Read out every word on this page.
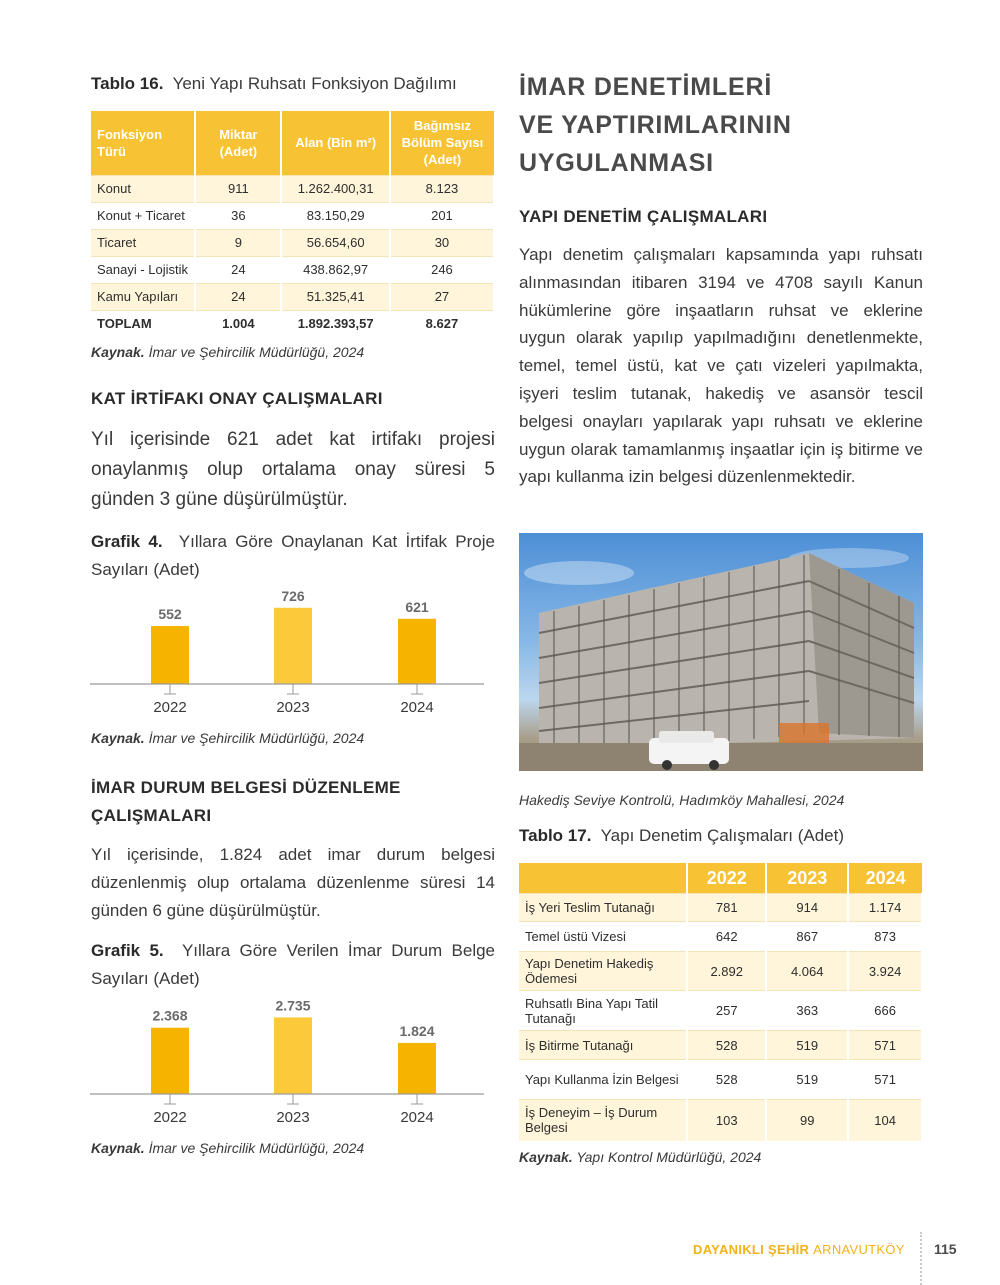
Tablo 16. Yeni Yapı Ruhsatı Fonksiyon Dağılımı
Fonksiyon Türü	Miktar (Adet)	Alan (Bin m²)	Bağımsız Bölüm Sayısı (Adet)
Konut	911	1.262.400,31	8.123
Konut + Ticaret	36	83.150,29	201
Ticaret	9	56.654,60	30
Sanayi - Lojistik	24	438.862,97	246
Kamu Yapıları	24	51.325,41	27
TOPLAM	1.004	1.892.393,57	8.627
Kaynak. İmar ve Şehircilik Müdürlüğü, 2024
KAT İRTİFAKI ONAY ÇALIŞMALARI
Yıl içerisinde 621 adet kat irtifakı projesi onaylanmış olup ortalama onay süresi 5 günden 3 güne düşürülmüştür.
Grafik 4. Yıllara Göre Onaylanan Kat İrtifak Proje Sayıları (Adet)
552
2022
726
2023
621
2024
Kaynak. İmar ve Şehircilik Müdürlüğü, 2024
İMAR DURUM BELGESİ DÜZENLEME
ÇALIŞMALARI
Yıl içerisinde, 1.824 adet imar durum belgesi düzenlenmiş olup ortalama düzenlenme süresi 14 günden 6 güne düşürülmüştür.
Grafik 5. Yıllara Göre Verilen İmar Durum Belge Sayıları (Adet)
2.368
2022
2.735
2023
1.824
2024
Kaynak. İmar ve Şehircilik Müdürlüğü, 2024
İMAR DENETİMLERİ
VE YAPTIRIMLARININ
UYGULANMASI
YAPI DENETİM ÇALIŞMALARI
Yapı denetim çalışmaları kapsamında yapı ruhsatı alınmasından itibaren 3194 ve 4708 sayılı Kanun hükümlerine göre inşaatların ruhsat ve eklerine uygun olarak yapılıp yapılmadığını denetlenmekte, temel, temel üstü, kat ve çatı vizeleri yapılmakta, işyeri teslim tutanak, hakediş ve asansör tescil belgesi onayları yapılarak yapı ruhsatı ve eklerine uygun olarak tamamlanmış inşaatlar için iş bitirme ve yapı kullanma izin belgesi düzenlenmektedir.
Hakediş Seviye Kontrolü, Hadımköy Mahallesi, 2024
Tablo 17. Yapı Denetim Çalışmaları (Adet)
	2022	2023	2024
İş Yeri Teslim Tutanağı	781	914	1.174
Temel üstü Vizesi	642	867	873
Yapı Denetim Hakediş Ödemesi	2.892	4.064	3.924
Ruhsatlı Bina Yapı Tatil Tutanağı	257	363	666
İş Bitirme Tutanağı	528	519	571
Yapı Kullanma İzin Belgesi	528	519	571
İş Deneyim – İş Durum Belgesi	103	99	104
Kaynak. Yapı Kontrol Müdürlüğü, 2024
DAYANIKLI ŞEHİR ARNAVUTKÖY 115
